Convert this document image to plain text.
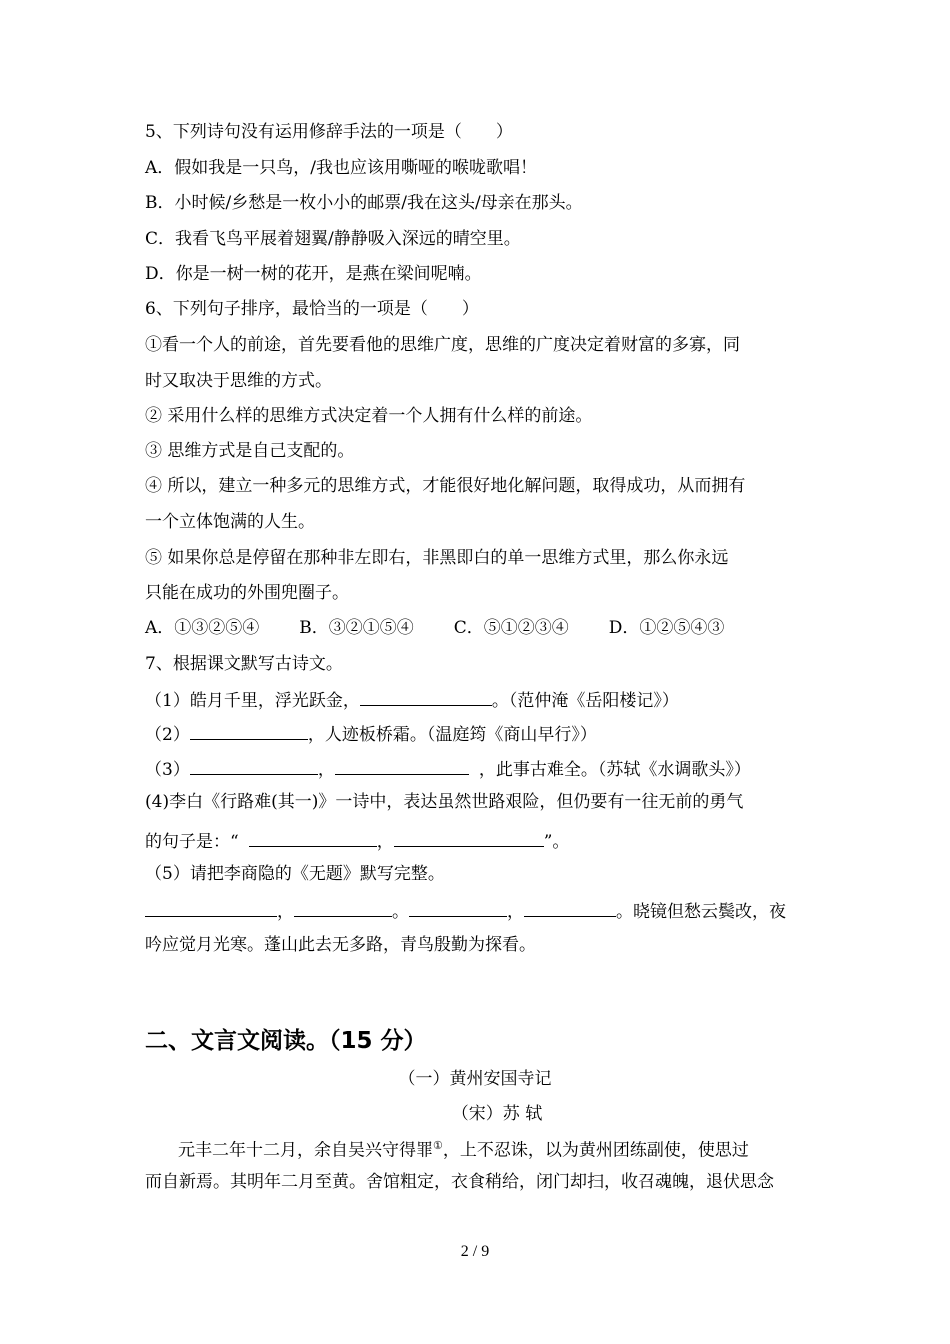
5、下列诗句没有运用修辞手法的一项是（　　）
A．假如我是一只鸟，/我也应该用嘶哑的喉咙歌唱！
B．小时候/乡愁是一枚小小的邮票/我在这头/母亲在那头。
C．我看飞鸟平展着翅翼/静静吸入深远的晴空里。
D．你是一树一树的花开，是燕在梁间呢喃。
6、下列句子排序，最恰当的一项是（　　）
①看一个人的前途，首先要看他的思维广度，思维的广度决定着财富的多寡，同
时又取决于思维的方式。
② 采用什么样的思维方式决定着一个人拥有什么样的前途。
③ 思维方式是自己支配的。
④ 所以，建立一种多元的思维方式，才能很好地化解问题，取得成功，从而拥有
一个立体饱满的人生。
⑤ 如果你总是停留在那种非左即右，非黑即白的单一思维方式里，那么你永远
只能在成功的外围兜圈子。
A．①③②⑤④ B．③②①⑤④ C．⑤①②③④ D．①②⑤④③
7、根据课文默写古诗文。
（1）皓月千里，浮光跃金，	。（范仲淹《岳阳楼记》）
（2）	，人迹板桥霜。（温庭筠《商山早行》）
（3）	，	，此事古难全。（苏轼《水调歌头》）
(4)李白《行路难(其一)》一诗中，表达虽然世路艰险，但仍要有一往无前的勇气
的句子是：“	，	”。
（5）请把李商隐的《无题》默写完整。
，	。	，	。晓镜但愁云鬓改，夜
吟应觉月光寒。蓬山此去无多路，青鸟殷勤为探看。
二、文言文阅读。（15 分）
（一）黄州安国寺记
（宋）苏 轼
元丰二年十二月，余自吴兴守得罪①，上不忍诛，以为黄州团练副使，使思过
而自新焉。其明年二月至黄。舍馆粗定，衣食稍给，闭门却扫，收召魂魄，退伏思念
2 / 9
